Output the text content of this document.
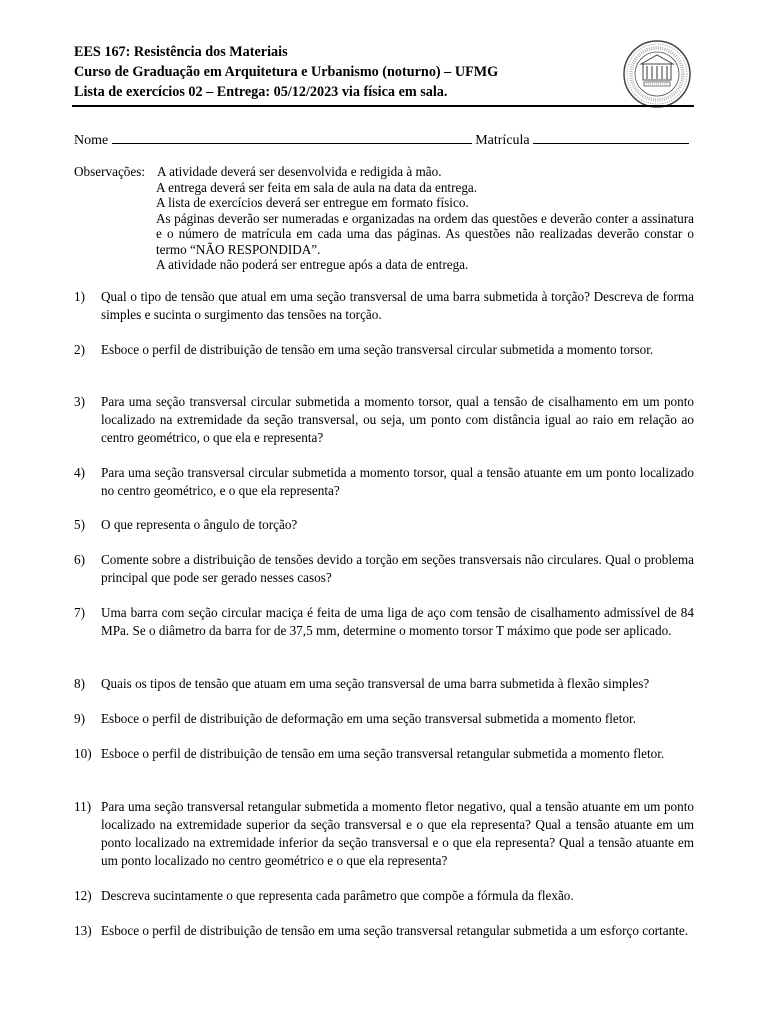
EES 167: Resistência dos Materiais
Curso de Graduação em Arquitetura e Urbanismo (noturno) – UFMG
Lista de exercícios 02 – Entrega: 05/12/2023 via física em sala.
Nome	Matrícula
Observações: A atividade deverá ser desenvolvida e redigida à mão.
A entrega deverá ser feita em sala de aula na data da entrega.
A lista de exercícios deverá ser entregue em formato físico.
As páginas deverão ser numeradas e organizadas na ordem das questões e deverão conter a assinatura e o número de matrícula em cada uma das páginas. As questões não realizadas deverão constar o termo “NÃO RESPONDIDA”.
A atividade não poderá ser entregue após a data de entrega.
1) Qual o tipo de tensão que atual em uma seção transversal de uma barra submetida à torção? Descreva de forma simples e sucinta o surgimento das tensões na torção.
2) Esboce o perfil de distribuição de tensão em uma seção transversal circular submetida a momento torsor.
3) Para uma seção transversal circular submetida a momento torsor, qual a tensão de cisalhamento em um ponto localizado na extremidade da seção transversal, ou seja, um ponto com distância igual ao raio em relação ao centro geométrico, o que ela e representa?
4) Para uma seção transversal circular submetida a momento torsor, qual a tensão atuante em um ponto localizado no centro geométrico, e o que ela representa?
5) O que representa o ângulo de torção?
6) Comente sobre a distribuição de tensões devido a torção em seções transversais não circulares. Qual o problema principal que pode ser gerado nesses casos?
7) Uma barra com seção circular maciça é feita de uma liga de aço com tensão de cisalhamento admissível de 84 MPa. Se o diâmetro da barra for de 37,5 mm, determine o momento torsor T máximo que pode ser aplicado.
8) Quais os tipos de tensão que atuam em uma seção transversal de uma barra submetida à flexão simples?
9) Esboce o perfil de distribuição de deformação em uma seção transversal submetida a momento fletor.
10) Esboce o perfil de distribuição de tensão em uma seção transversal retangular submetida a momento fletor.
11) Para uma seção transversal retangular submetida a momento fletor negativo, qual a tensão atuante em um ponto localizado na extremidade superior da seção transversal e o que ela representa? Qual a tensão atuante em um ponto localizado na extremidade inferior da seção transversal e o que ela representa? Qual a tensão atuante em um ponto localizado no centro geométrico e o que ela representa?
12) Descreva sucintamente o que representa cada parâmetro que compõe a fórmula da flexão.
13) Esboce o perfil de distribuição de tensão em uma seção transversal retangular submetida a um esforço cortante.
